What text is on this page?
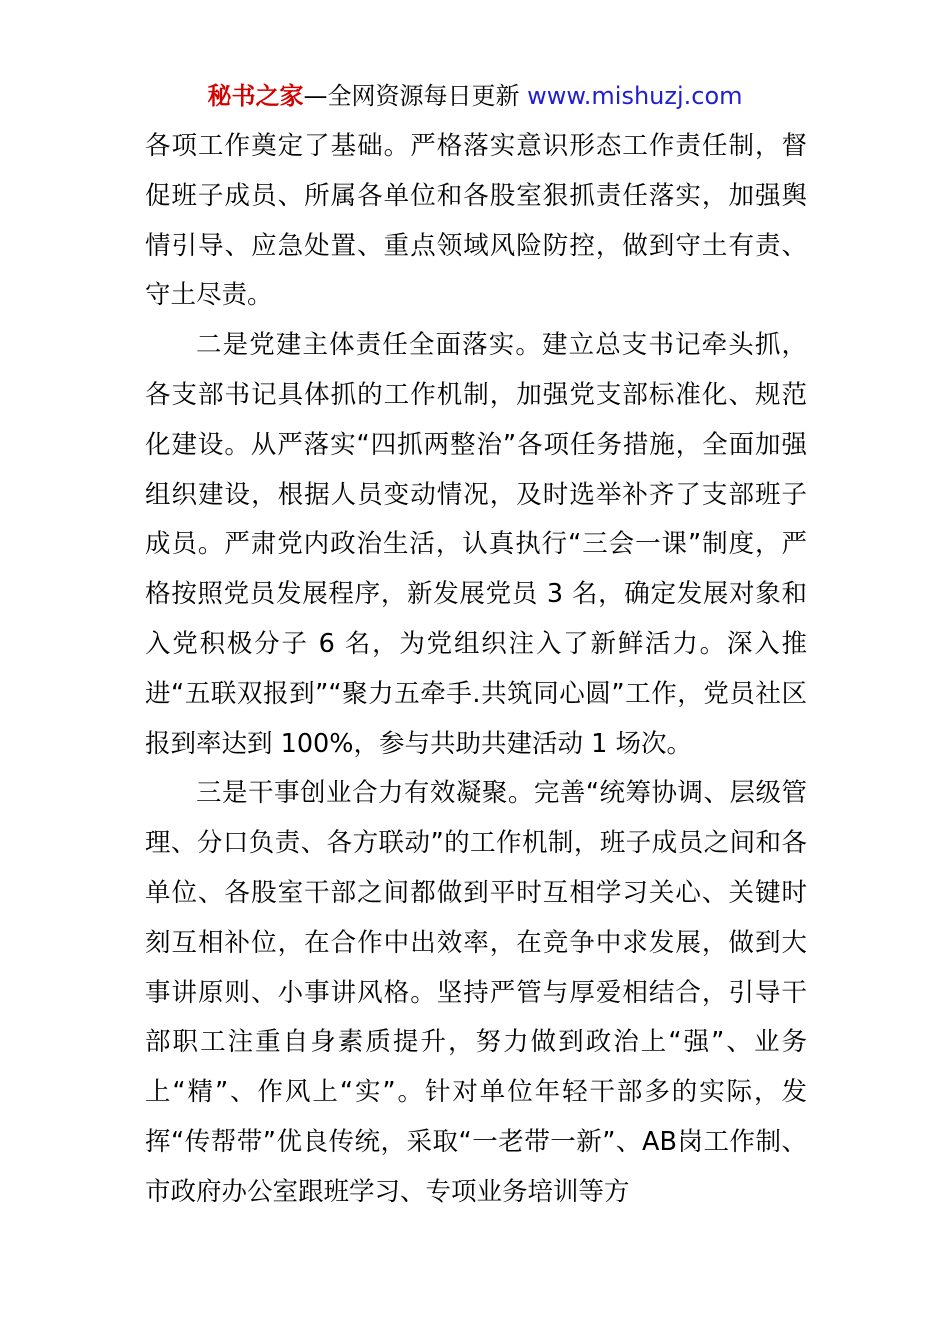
秘书之家—全网资源每日更新 www.mishuzj.com

各项工作奠定了基础。严格落实意识形态工作责任制，督促班子成员、所属各单位和各股室狠抓责任落实，加强舆情引导、应急处置、重点领域风险防控，做到守土有责、守土尽责。

二是党建主体责任全面落实。建立总支书记牵头抓，各支部书记具体抓的工作机制，加强党支部标准化、规范化建设。从严落实“四抓两整治”各项任务措施，全面加强组织建设，根据人员变动情况，及时选举补齐了支部班子成员。严肃党内政治生活，认真执行“三会一课”制度，严格按照党员发展程序，新发展党员 3 名，确定发展对象和入党积极分子 6 名，为党组织注入了新鲜活力。深入推进“五联双报到”“聚力五牵手.共筑同心圆”工作，党员社区报到率达到 100%，参与共助共建活动 1 场次。

三是干事创业合力有效凝聚。完善“统筹协调、层级管理、分口负责、各方联动”的工作机制，班子成员之间和各单位、各股室干部之间都做到平时互相学习关心、关键时刻互相补位，在合作中出效率，在竞争中求发展，做到大事讲原则、小事讲风格。坚持严管与厚爱相结合，引导干部职工注重自身素质提升，努力做到政治上“强”、业务上“精”、作风上“实”。针对单位年轻干部多的实际，发挥“传帮带”优良传统，采取“一老带一新”、AB岗工作制、市政府办公室跟班学习、专项业务培训等方
